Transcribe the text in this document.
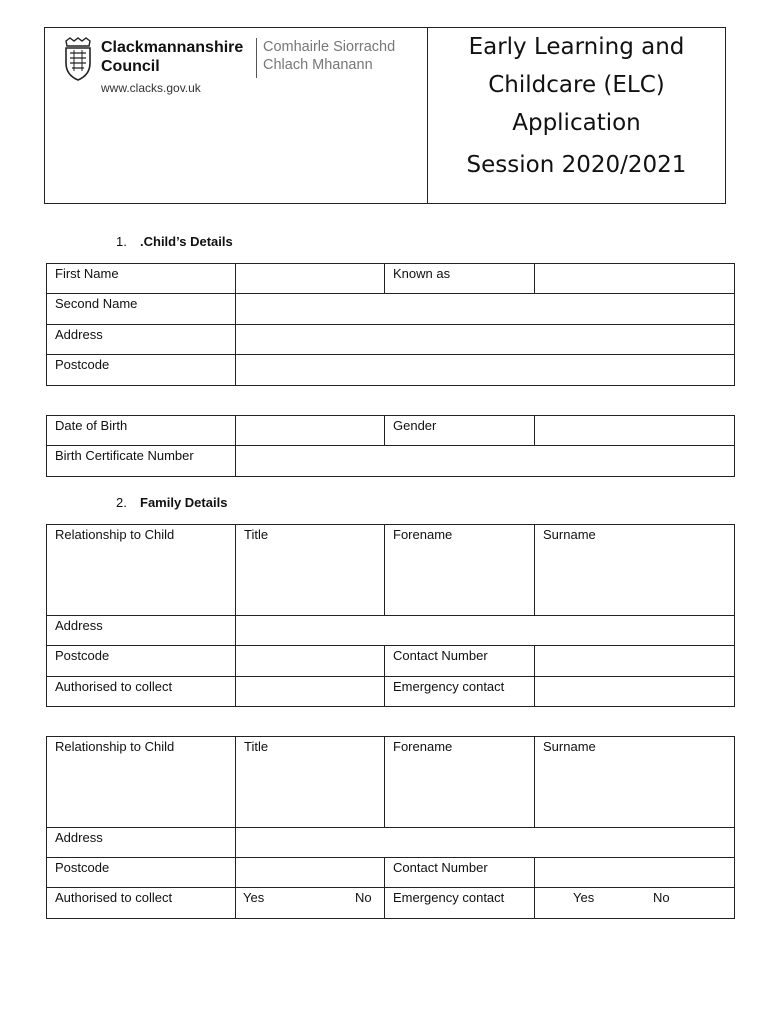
Clackmannanshire
Council
Comhairle Siorrachd
Chlach Mhanann
www.clacks.gov.uk
Early Learning and
Childcare (ELC)
Application
Session 2020/2021
1. .Child’s Details
First Name	Known as
Second Name
Address
Postcode
Date of Birth	Gender
Birth Certificate Number
2. Family Details
Relationship to Child	Title	Forename	Surname
Address
Postcode	Contact Number
Authorised to collect	Emergency contact
Relationship to Child	Title	Forename	Surname
Address
Postcode	Contact Number
Authorised to collect	Yes	No	Emergency contact	Yes	No
